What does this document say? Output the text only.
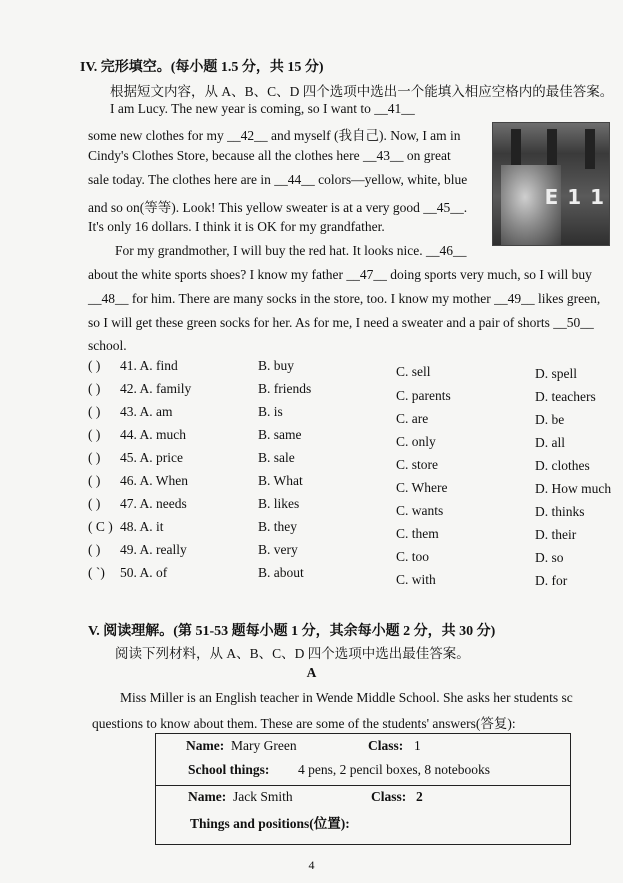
IV. 完形填空。(每小题 1.5 分，共 15 分)
根据短文内容，从 A、B、C、D 四个选项中选出一个能填入相应空格内的最佳答案。
I am Lucy. The new year is coming, so I want to __41__
some new clothes for my __42__ and myself (我自己). Now, I am in
Cindy's Clothes Store, because all the clothes here __43__ on great
sale today. The clothes here are in __44__ colors—yellow, white, blue
and so on(等等). Look! This yellow sweater is at a very good __45__.
It's only 16 dollars. I think it is OK for my grandfather.
E 1 1
For my grandmother, I will buy the red hat. It looks nice. __46__
about the white sports shoes? I know my father __47__ doing sports very much, so I will buy
__48__ for him. There are many socks in the store, too. I know my mother __49__ likes green,
so I will get these green socks for her. As for me, I need a sweater and a pair of shorts __50__
school.
( ) 41. A. find	B. buy	C. sell	D. spell
( ) 42. A. family	B. friends	C. parents	D. teachers
( ) 43. A. am	B. is	C. are	D. be
( ) 44. A. much	B. same	C. only	D. all
( ) 45. A. price	B. sale	C. store	D. clothes
( ) 46. A. When	B. What	C. Where	D. How much
( ) 47. A. needs	B. likes	C. wants	D. thinks
( C ) 48. A. it	B. they	C. them	D. their
( ) 49. A. really	B. very	C. too	D. so
( `) 50. A. of	B. about	C. with	D. for
V. 阅读理解。(第 51-53 题每小题 1 分，其余每小题 2 分，共 30 分)
阅读下列材料，从 A、B、C、D 四个选项中选出最佳答案。
A
Miss Miller is an English teacher in Wende Middle School. She asks her students sc
questions to know about them. These are some of the students' answers(答复):
Name: Mary Green	Class: 1
School things: 4 pens, 2 pencil boxes, 8 notebooks
Name: Jack Smith	Class: 2
Things and positions(位置):
4
